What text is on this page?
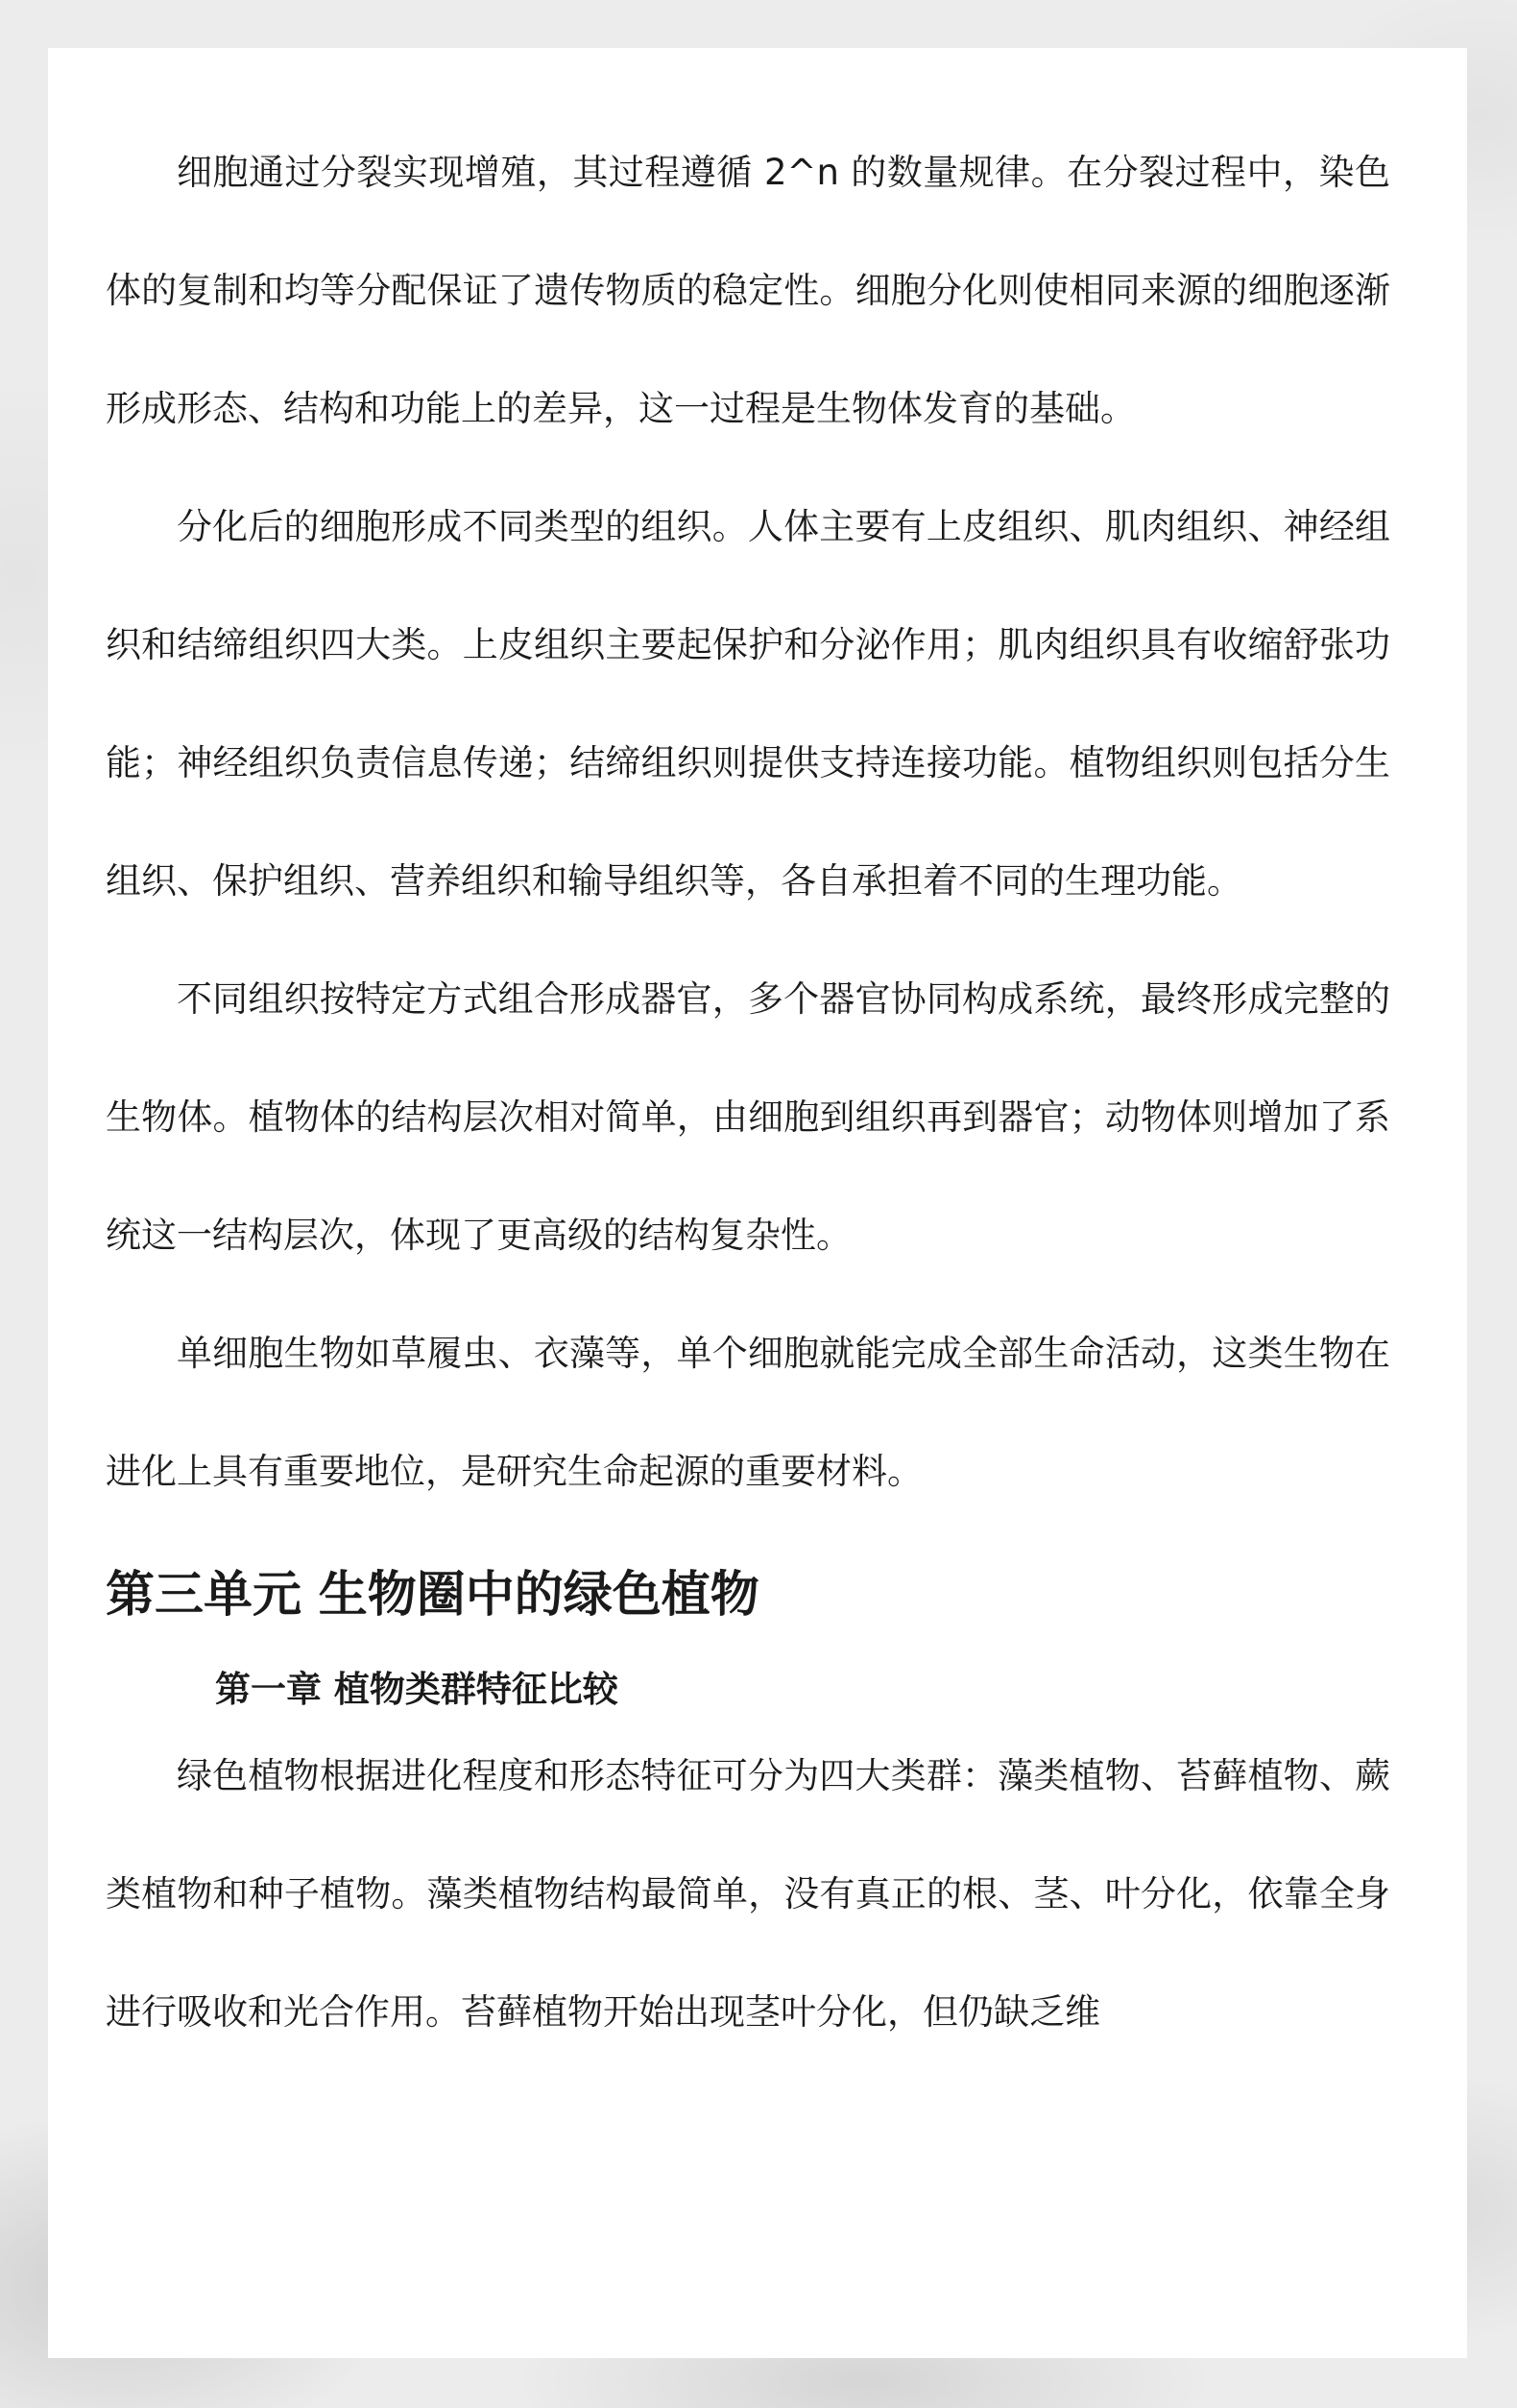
细胞通过分裂实现增殖，其过程遵循 2^n 的数量规律。在分裂过程中，染色体的复制和均等分配保证了遗传物质的稳定性。细胞分化则使相同来源的细胞逐渐形成形态、结构和功能上的差异，这一过程是生物体发育的基础。

分化后的细胞形成不同类型的组织。人体主要有上皮组织、肌肉组织、神经组织和结缔组织四大类。上皮组织主要起保护和分泌作用；肌肉组织具有收缩舒张功能；神经组织负责信息传递；结缔组织则提供支持连接功能。植物组织则包括分生组织、保护组织、营养组织和输导组织等，各自承担着不同的生理功能。

不同组织按特定方式组合形成器官，多个器官协同构成系统，最终形成完整的生物体。植物体的结构层次相对简单，由细胞到组织再到器官；动物体则增加了系统这一结构层次，体现了更高级的结构复杂性。

单细胞生物如草履虫、衣藻等，单个细胞就能完成全部生命活动，这类生物在进化上具有重要地位，是研究生命起源的重要材料。

第三单元 生物圈中的绿色植物
第一章 植物类群特征比较

绿色植物根据进化程度和形态特征可分为四大类群：藻类植物、苔藓植物、蕨类植物和种子植物。藻类植物结构最简单，没有真正的根、茎、叶分化，依靠全身进行吸收和光合作用。苔藓植物开始出现茎叶分化，但仍缺乏维
